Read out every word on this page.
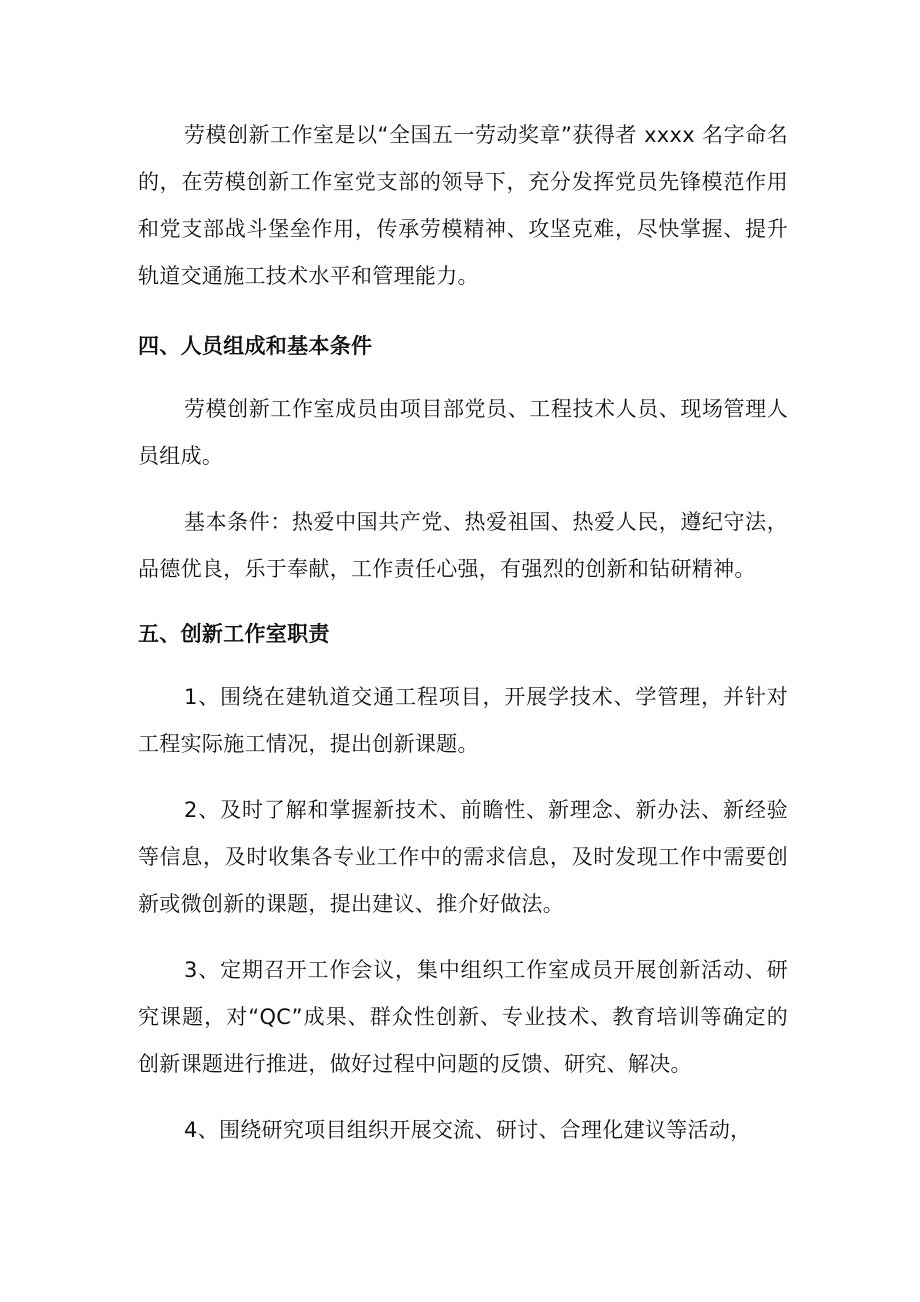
劳模创新工作室是以“全国五一劳动奖章”获得者 xxxx 名字命名的，在劳模创新工作室党支部的领导下，充分发挥党员先锋模范作用和党支部战斗堡垒作用，传承劳模精神、攻坚克难，尽快掌握、提升轨道交通施工技术水平和管理能力。

四、人员组成和基本条件

劳模创新工作室成员由项目部党员、工程技术人员、现场管理人员组成。

基本条件：热爱中国共产党、热爱祖国、热爱人民，遵纪守法，品德优良，乐于奉献，工作责任心强，有强烈的创新和钻研精神。

五、创新工作室职责

1、围绕在建轨道交通工程项目，开展学技术、学管理，并针对工程实际施工情况，提出创新课题。

2、及时了解和掌握新技术、前瞻性、新理念、新办法、新经验等信息，及时收集各专业工作中的需求信息，及时发现工作中需要创新或微创新的课题，提出建议、推介好做法。

3、定期召开工作会议，集中组织工作室成员开展创新活动、研究课题，对“QC”成果、群众性创新、专业技术、教育培训等确定的创新课题进行推进，做好过程中问题的反馈、研究、解决。

4、围绕研究项目组织开展交流、研讨、合理化建议等活动，
